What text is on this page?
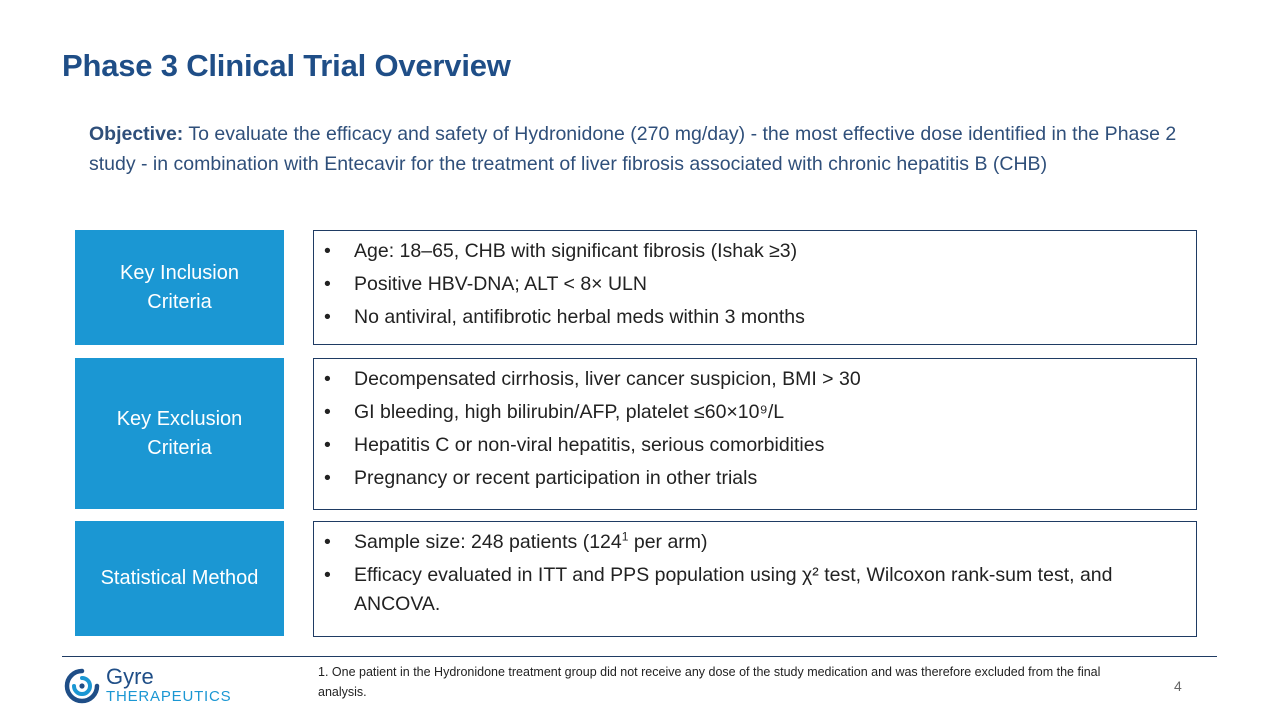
Phase 3 Clinical Trial Overview
Objective: To evaluate the efficacy and safety of Hydronidone (270 mg/day) - the most effective dose identified in the Phase 2 study - in combination with Entecavir for the treatment of liver fibrosis associated with chronic hepatitis B (CHB)
Key Inclusion Criteria
• Age: 18–65, CHB with significant fibrosis (Ishak ≥3)
• Positive HBV-DNA; ALT < 8× ULN
• No antiviral, antifibrotic herbal meds within 3 months
Key Exclusion Criteria
• Decompensated cirrhosis, liver cancer suspicion, BMI > 30
• GI bleeding, high bilirubin/AFP, platelet ≤60×10⁹/L
• Hepatitis C or non-viral hepatitis, serious comorbidities
• Pregnancy or recent participation in other trials
Statistical Method
• Sample size: 248 patients ($124^1$ per arm)
• Efficacy evaluated in ITT and PPS population using χ² test, Wilcoxon rank-sum test, and ANCOVA.
Gyre
THERAPEUTICS
1. One patient in the Hydronidone treatment group did not receive any dose of the study medication and was therefore excluded from the final analysis.	4
